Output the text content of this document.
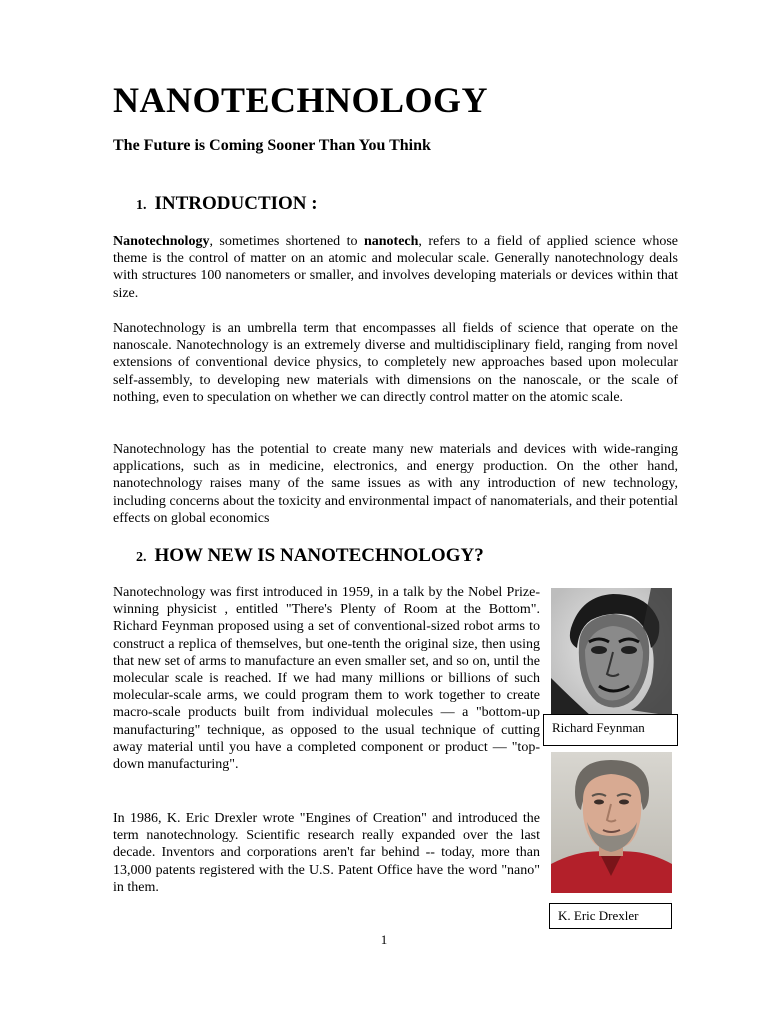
NANOTECHNOLOGY
The Future is Coming Sooner Than You Think
1. INTRODUCTION :

Nanotechnology, sometimes shortened to nanotech, refers to a field of applied science whose theme is the control of matter on an atomic and molecular scale. Generally nanotechnology deals with structures 100 nanometers or smaller, and involves developing materials or devices within that size.

Nanotechnology is an umbrella term that encompasses all fields of science that operate on the nanoscale. Nanotechnology is an extremely diverse and multidisciplinary field, ranging from novel extensions of conventional device physics, to completely new approaches based upon molecular self-assembly, to developing new materials with dimensions on the nanoscale, or the scale of nothing, even to speculation on whether we can directly control matter on the atomic scale.

Nanotechnology has the potential to create many new materials and devices with wide-ranging applications, such as in medicine, electronics, and energy production. On the other hand, nanotechnology raises many of the same issues as with any introduction of new technology, including concerns about the toxicity and environmental impact of nanomaterials, and their potential effects on global economics

2. HOW NEW IS NANOTECHNOLOGY?

Nanotechnology was first introduced in 1959, in a talk by the Nobel Prize-winning physicist , entitled "There's Plenty of Room at the Bottom". Richard Feynman proposed using a set of conventional-sized robot arms to construct a replica of themselves, but one-tenth the original size, then using that new set of arms to manufacture an even smaller set, and so on, until the molecular scale is reached. If we had many millions or billions of such molecular-scale arms, we could program them to work together to create macro-scale products built from individual molecules — a "bottom-up manufacturing" technique, as opposed to the usual technique of cutting away material until you have a completed component or product — "top-down manufacturing".

In 1986, K. Eric Drexler wrote "Engines of Creation" and introduced the term nanotechnology. Scientific research really expanded over the last decade. Inventors and corporations aren't far behind -- today, more than 13,000 patents registered with the U.S. Patent Office have the word "nano" in them.

Richard Feynman
K. Eric Drexler
1
